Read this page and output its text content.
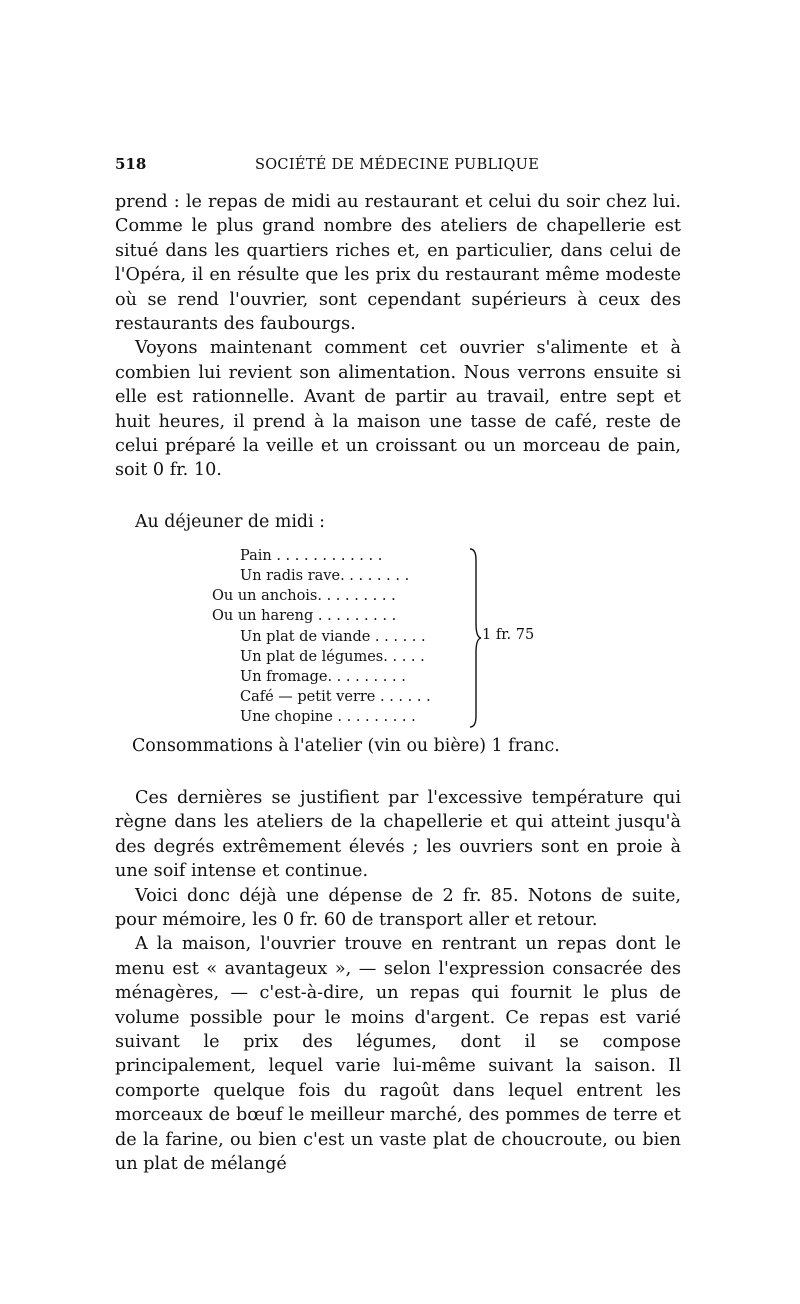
518	SOCIÉTÉ DE MÉDECINE PUBLIQUE

prend : le repas de midi au restaurant et celui du soir chez lui. Comme le plus grand nombre des ateliers de chapellerie est situé dans les quartiers riches et, en particulier, dans celui de l'Opéra, il en résulte que les prix du restaurant même modeste où se rend l'ouvrier, sont cependant supérieurs à ceux des restaurants des faubourgs.

Voyons maintenant comment cet ouvrier s'alimente et à combien lui revient son alimentation. Nous verrons ensuite si elle est rationnelle. Avant de partir au travail, entre sept et huit heures, il prend à la maison une tasse de café, reste de celui préparé la veille et un croissant ou un morceau de pain, soit 0 fr. 10.

Au déjeuner de midi :
Pain . . . . . . . . . . . .
Un radis rave. . . . . . . .
Ou un anchois. . . . . . . . .
Ou un hareng . . . . . . . . .
Un plat de viande . . . . . .
Un plat de légumes. . . . .
Un fromage. . . . . . . . .
Café — petit verre . . . . . .
Une chopine . . . . . . . . .
1 fr. 75
Consommations à l'atelier (vin ou bière) 1 franc.

Ces dernières se justifient par l'excessive température qui règne dans les ateliers de la chapellerie et qui atteint jusqu'à des degrés extrêmement élevés ; les ouvriers sont en proie à une soif intense et continue.

Voici donc déjà une dépense de 2 fr. 85. Notons de suite, pour mémoire, les 0 fr. 60 de transport aller et retour.

A la maison, l'ouvrier trouve en rentrant un repas dont le menu est « avantageux », — selon l'expression consacrée des ménagères, — c'est-à-dire, un repas qui fournit le plus de volume possible pour le moins d'argent. Ce repas est varié suivant le prix des légumes, dont il se compose principalement, lequel varie lui-même suivant la saison. Il comporte quelque fois du ragoût dans lequel entrent les morceaux de bœuf le meilleur marché, des pommes de terre et de la farine, ou bien c'est un vaste plat de choucroute, ou bien un plat de mélangé
